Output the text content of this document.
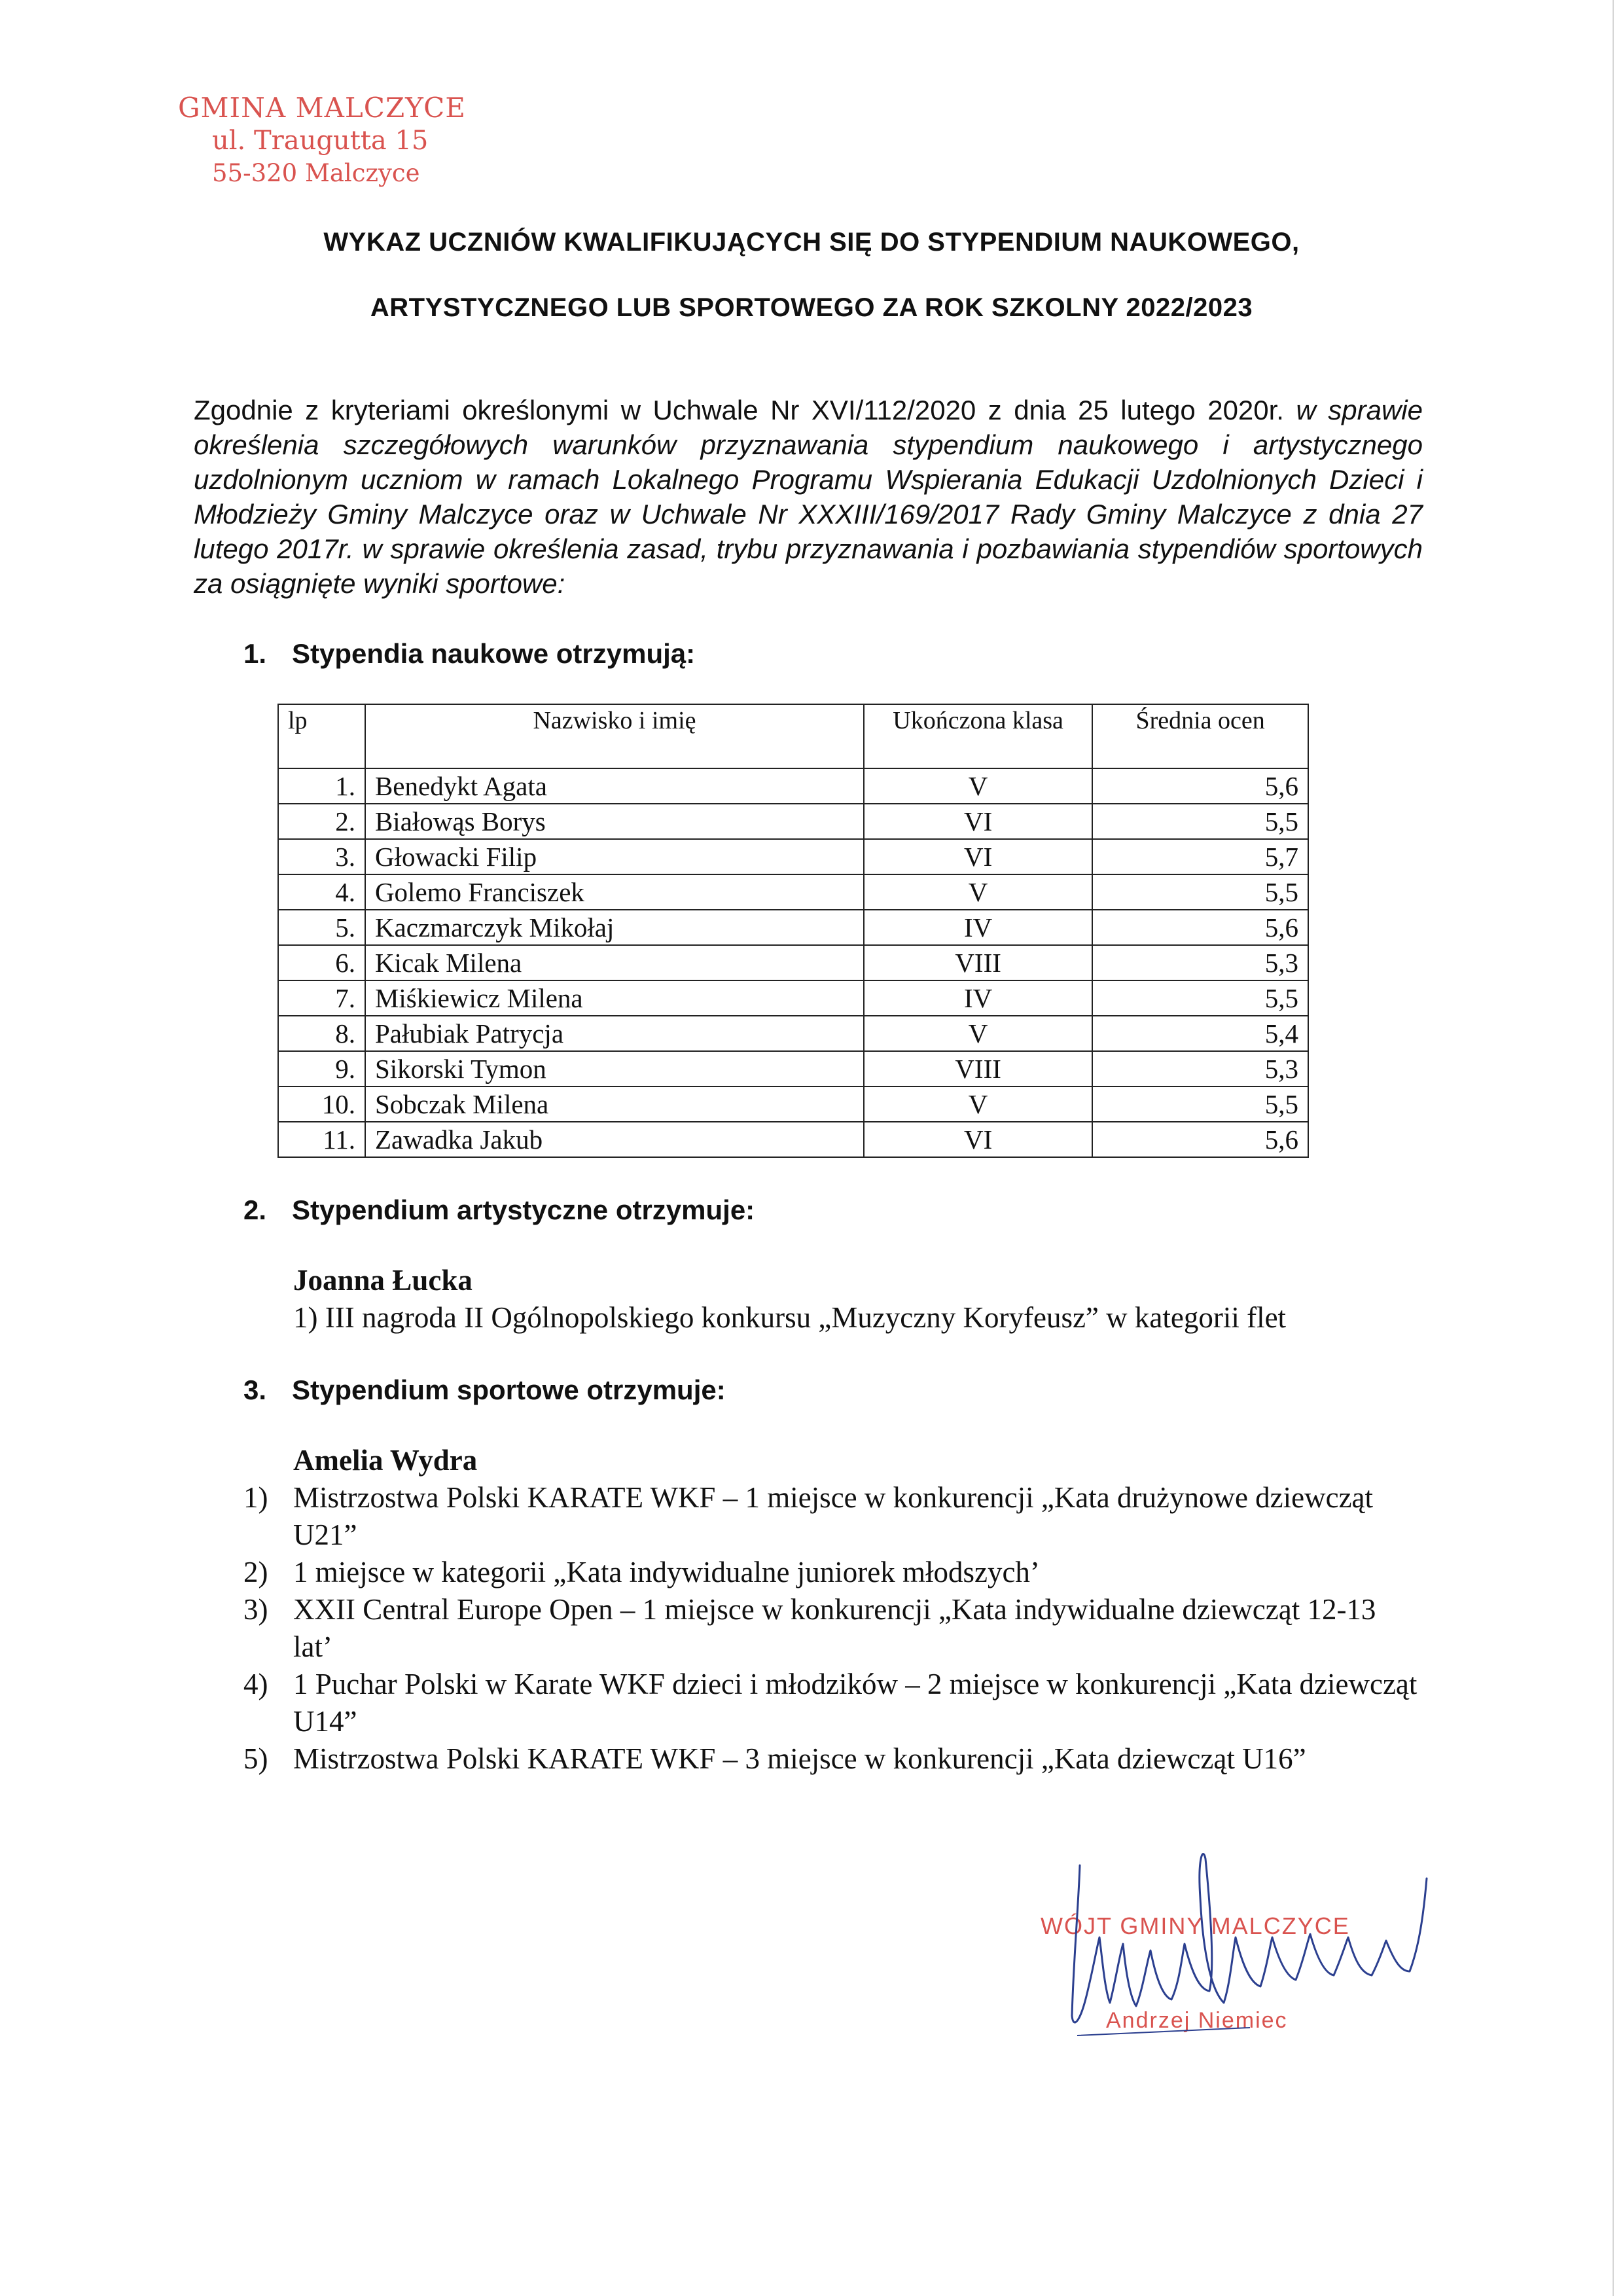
GMINA MALCZYCE
ul. Traugutta 15
55-320 Malczyce
WYKAZ UCZNIÓW KWALIFIKUJĄCYCH SIĘ DO STYPENDIUM NAUKOWEGO,
ARTYSTYCZNEGO LUB SPORTOWEGO ZA ROK SZKOLNY 2022/2023
Zgodnie z kryteriami określonymi w Uchwale Nr XVI/112/2020 z dnia 25 lutego 2020r. w sprawie określenia szczegółowych warunków przyznawania stypendium naukowego i artystycznego uzdolnionym uczniom w ramach Lokalnego Programu Wspierania Edukacji Uzdolnionych Dzieci i Młodzieży Gminy Malczyce oraz w Uchwale Nr XXXIII/169/2017 Rady Gminy Malczyce z dnia 27 lutego 2017r. w sprawie określenia zasad, trybu przyznawania i pozbawiania stypendiów sportowych za osiągnięte wyniki sportowe:
1. Stypendia naukowe otrzymują:
lp	Nazwisko i imię	Ukończona klasa	Średnia ocen
1.	Benedykt Agata	V	5,6
2.	Białowąs Borys	VI	5,5
3.	Głowacki Filip	VI	5,7
4.	Golemo Franciszek	V	5,5
5.	Kaczmarczyk Mikołaj	IV	5,6
6.	Kicak Milena	VIII	5,3
7.	Miśkiewicz Milena	IV	5,5
8.	Pałubiak Patrycja	V	5,4
9.	Sikorski Tymon	VIII	5,3
10.	Sobczak Milena	V	5,5
11.	Zawadka Jakub	VI	5,6
2. Stypendium artystyczne otrzymuje:
Joanna Łucka
1) III nagroda II Ogólnopolskiego konkursu „Muzyczny Koryfeusz” w kategorii flet
3. Stypendium sportowe otrzymuje:
Amelia Wydra
1) Mistrzostwa Polski KARATE WKF – 1 miejsce w konkurencji „Kata drużynowe dziewcząt U21”
2) 1 miejsce w kategorii „Kata indywidualne juniorek młodszych’
3) XXII Central Europe Open – 1 miejsce w konkurencji „Kata indywidualne dziewcząt 12-13 lat’
4) 1 Puchar Polski w Karate WKF dzieci i młodzików – 2 miejsce w konkurencji „Kata dziewcząt U14”
5) Mistrzostwa Polski KARATE WKF – 3 miejsce w konkurencji „Kata dziewcząt U16”
WÓJT GMINY MALCZYCE
Andrzej Niemiec
